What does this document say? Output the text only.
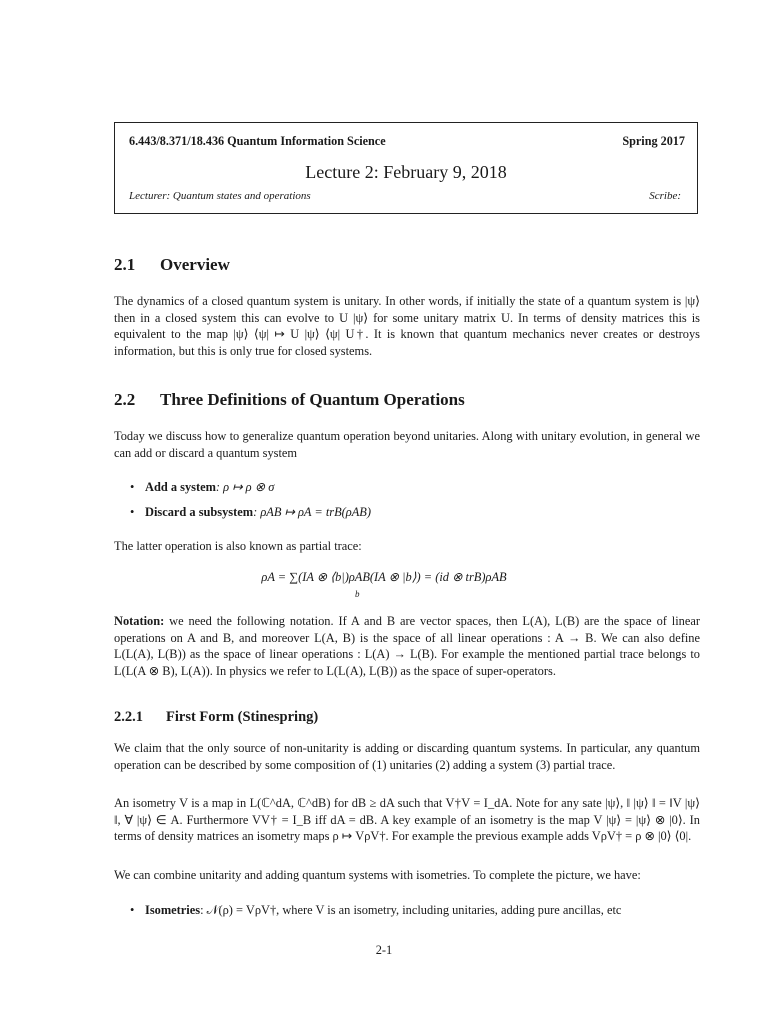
6.443/8.371/18.436 Quantum Information Science	Spring 2017
Lecture 2: February 9, 2018
Lecturer: Quantum states and operations	Scribe:
2.1 Overview
The dynamics of a closed quantum system is unitary. In other words, if initially the state of a quantum system is |ψ⟩ then in a closed system this can evolve to U |ψ⟩ for some unitary matrix U. In terms of density matrices this is equivalent to the map |ψ⟩ ⟨ψ| ↦ U |ψ⟩ ⟨ψ| U†. It is known that quantum mechanics never creates or destroys information, but this is only true for closed systems.
2.2 Three Definitions of Quantum Operations
Today we discuss how to generalize quantum operation beyond unitaries. Along with unitary evolution, in general we can add or discard a quantum system
• Add a system: ρ ↦ ρ ⊗ σ
• Discard a subsystem: ρAB ↦ ρA = trB(ρAB)
The latter operation is also known as partial trace:
ρA = ∑(IA ⊗ ⟨b|)ρAB(IA ⊗ |b⟩) = (id ⊗ trB)ρAB
b
Notation: we need the following notation. If A and B are vector spaces, then L(A), L(B) are the space of linear operations on A and B, and moreover L(A, B) is the space of all linear operations : A → B. We can also define L(L(A), L(B)) as the space of linear operations : L(A) → L(B). For example the mentioned partial trace belongs to L(L(A ⊗ B), L(A)). In physics we refer to L(L(A), L(B)) as the space of super-operators.
2.2.1 First Form (Stinespring)
We claim that the only source of non-unitarity is adding or discarding quantum systems. In particular, any quantum operation can be described by some composition of (1) unitaries (2) adding a system (3) partial trace.
An isometry V is a map in L(ℂ^dA, ℂ^dB) for dB ≥ dA such that V†V = I_dA. Note for any sate |ψ⟩, ‖ |ψ⟩ ‖ = ‖V |ψ⟩ ‖, ∀ |ψ⟩ ∈ A. Furthermore VV† = I_B iff dA = dB. A key example of an isometry is the map V |ψ⟩ = |ψ⟩ ⊗ |0⟩. In terms of density matrices an isometry maps ρ ↦ VρV†. For example the previous example adds VρV† = ρ ⊗ |0⟩ ⟨0|.
We can combine unitarity and adding quantum systems with isometries. To complete the picture, we have:
• Isometries: 𝒩(ρ) = VρV†, where V is an isometry, including unitaries, adding pure ancillas, etc
2-1
